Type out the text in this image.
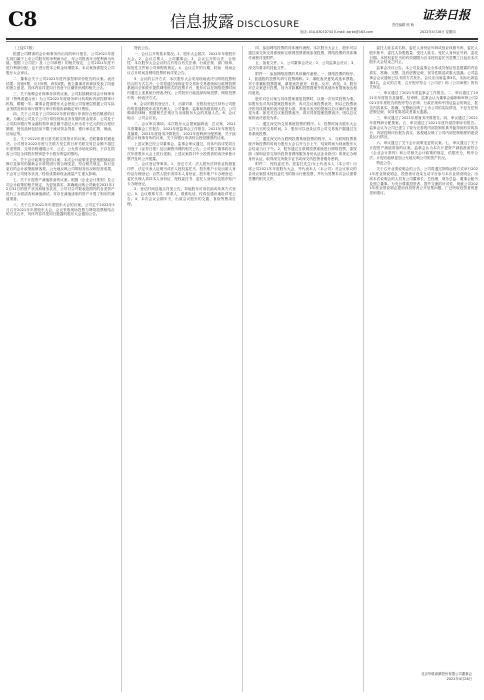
C8	信息披露 DISCLOSURE	责任编辑 邢 萌
电话: 010-63070744 E-mail: zqrbs@163.com
证券日报
2022年4月28日 星期四

（上接C7版）

根据公司聘请的会计师事务所出具的审计报告，公司2021年度实现归属于上市公司股东的净利润为正，母公司报表未分配利润为负值。根据《公司法》及《公司章程》的相关规定，公司2021年度不进行利润分配，也不进行资本公积金转增股本。本议案尚需提交公司股东大会审议。

二、董事会关于公司2021年度内部控制评价报告的议案。表决结果：同意9票，反对0票，弃权0票。独立董事对该事项发表了同意的独立意见。具体内容详见同日刊登于巨潮资讯网的相关公告。

三、关于续聘会计师事务所的议案。公司拟续聘致同会计师事务所（特殊普通合伙）为公司2022年度财务审计机构和内部控制审计机构，聘期一年。董事会提请股东大会授权公司管理层根据公司实际业务情况和市场行情等与审计机构协商确定审计费用。

四、关于公司及子公司2022年度向银行申请综合授信额度的议案。为满足公司及子公司日常经营和业务发展的资金需求，公司及子公司拟向银行等金融机构申请总额不超过人民币若干亿元的综合授信额度，授信品种包括但不限于流动资金贷款、银行承兑汇票、保函、信用证等。

五、关于2022年度日常关联交易预计的议案。关联董事回避表决。公司预计2022年度与关联方发生的日常关联交易总金额不超过年度预算，交易价格遵循公平、公正、公允的市场化原则，不存在损害公司及全体股东特别是中小股东利益的情形。

六、关于会计政策变更的议案。本次会计政策变更是根据财政部修订及颁布的最新会计准则进行的合理变更，符合相关规定，执行变更后的会计政策能够客观、公允地反映公司的财务状况和经营成果，不会对公司财务状况、经营成果和现金流量产生重大影响。

七、关于计提资产减值准备的议案。根据《企业会计准则》及公司会计政策的相关规定，为更加真实、准确地反映公司截至2021年12月31日的资产状况和财务状况，公司对合并报表范围内的各类资产进行了全面清查和减值测试，对存在减值迹象的资产计提了相应的减值准备。

八、关于召开2021年年度股东大会的议案。公司定于2022年5月召开2021年年度股东大会，会议采取现场投票与网络投票相结合的方式召开，具体内容详见同日披露的股东大会通知公告。

特此公告。

一、会议召开的基本情况。1、股东大会届次：2021年年度股东大会。2、会议召集人：公司董事会。3、会议召开的合法、合规性：本次股东大会会议的召开符合有关法律、行政法规、部门规章、规范性文件和公司章程的规定。4、会议召开的日期、时间：现场会议召开时间及网络投票时间详见公告。

5、会议的召开方式：本次股东大会采用现场表决与网络投票相结合的方式召开。公司将通过深圳证券交易所交易系统和互联网投票系统向全体股东提供网络形式的投票平台，股东可以在网络投票时间内通过上述系统行使表决权。公司股东只能选择现场投票、网络投票中的一种表决方式。

6、会议的股权登记日。7、出席对象：在股权登记日持有公司股份的普通股股东或其代理人；公司董事、监事和高级管理人员；公司聘请的律师；根据相关法规应当出席股东大会的其他人员。8、会议地点：公司会议室。

二、会议审议事项。本次股东大会提案编码表：总议案、2021年度董事会工作报告、2021年度监事会工作报告、2021年年度报告及摘要、2021年度财务决算报告、2021年度利润分配预案、关于续聘会计师事务所的议案、关于向银行申请综合授信额度的议案。

上述议案已经公司董事会、监事会审议通过，具体内容详见同日刊登于《证券日报》及巨潮资讯网的相关公告。公司独立董事将在本次年度股东大会上进行述职。上述议案将对中小投资者的表决单独计票并及时公开披露。

三、会议登记等事项。1、登记方式：法人股东应持营业执照复印件、法定代表人证明书或法人授权委托书、股东账户卡及出席人身份证办理登记；自然人股东须持本人身份证、股东账户卡办理登记；委托代理人须持本人身份证、授权委托书、委托人身份证及股东账户卡办理登记。

2、登记时间及地点详见公告。异地股东可用信函或传真方式登记。3、会议联系方式：联系人、联系电话、传真及通讯地址详见公告。4、本次会议会期半天，出席会议股东的交通、食宿等费用自理。

四、参加网络投票的具体操作流程。本次股东大会上，股东可以通过深交所交易系统和互联网投票系统参加投票，网络投票的具体操作流程详见附件。

五、备查文件。1、公司董事会决议；2、公司监事会决议；3、深交所要求的其他文件。

附件一：参加网络投票的具体操作流程。一、网络投票的程序。1、普通股的投票代码与投票简称。2、填报表决意见或选举票数。对于非累积投票提案，填报表决意见：同意、反对、弃权。3、股东对总议案进行投票，视为对除累积投票提案外的其他所有提案表达相同意见。

股东对总议案与具体提案重复投票时，以第一次有效投票为准。如股东先对具体提案投票表决，再对总议案投票表决，则以已投票表决的具体提案的表决意见为准，其他未表决的提案以总议案的表决意见为准；如先对总议案投票表决，再对具体提案投票表决，则以总议案的表决意见为准。

二、通过深交所交易系统投票的程序。1、投票时间为股东大会召开当日的交易时间。2、股东可以登录证券公司交易客户端通过交易系统投票。

三、通过深交所互联网投票系统投票的程序。1、互联网投票系统开始投票的时间为股东大会召开当日上午，结束时间为现场股东大会结束当日下午。2、股东通过互联网投票系统进行网络投票，需按照《深圳证券交易所投资者网络服务身份认证业务指引》的规定办理身份认证，取得深交所数字证书或深交所投资者服务密码。

附件二：授权委托书。兹委托先生/女士代表本人（本公司）出席公司2021年年度股东大会，并代表本人（本公司）对会议审议的各项议案按本授权委托书的指示行使投票，并代为签署本次会议需要签署的相关文件。

委托人姓名或名称、委托人身份证号码或营业执照号码、委托人股东账号、委托人持股数量、受托人姓名、受托人身份证号码、委托日期。本授权委托书的有效期限为自本授权委托书签署之日起至本次股东大会结束之时止。

监事会决议公告。本公司及监事会全体成员保证信息披露的内容真实、准确、完整，没有虚假记载、误导性陈述或重大遗漏。公司监事会会议通知已以书面方式发出，会议应出席监事3名，实际出席监事3名，会议的召集、召开程序符合《公司法》和《公司章程》的有关规定。

一、审议通过了2021年度监事会工作报告。二、审议通过了2021年年度报告及摘要。经审核，监事会认为董事会编制和审核公司2021年年度报告的程序符合法律、行政法规和中国证监会的规定，报告内容真实、准确、完整地反映了上市公司的实际情况，不存在任何虚假记载、误导性陈述或者重大遗漏。

三、审议通过了2021年度财务决算报告。四、审议通过了2021年度利润分配预案。五、审议通过了2021年度内部控制评价报告。监事会认为公司已建立了较为完善的内部控制体系并能得到有效的执行，内部控制评价报告真实、客观地反映了公司内部控制制度的建设及运行情况。

六、审议通过了关于会计政策变更的议案。七、审议通过了关于计提资产减值准备的议案。监事会认为本次计提资产减值准备符合《企业会计准则》和公司相关会计政策的规定，依据充分，程序合法，计提后能够更加公允地反映公司的资产状况。

特此公告。

关于召开业绩说明会的公告。公司将通过网络远程方式举行2021年度业绩说明会，投资者可登录互动平台参与本次业绩说明会。出席本次说明会的人员有公司董事长、总经理、财务总监、董事会秘书及独立董事。为充分尊重投资者、提升交流的针对性，现就公司2021年度业绩说明会提前向投资者公开征集问题，广泛听取投资者的意见和建议。

北京华联商厦股份有限公司董事会
2022年4月28日
